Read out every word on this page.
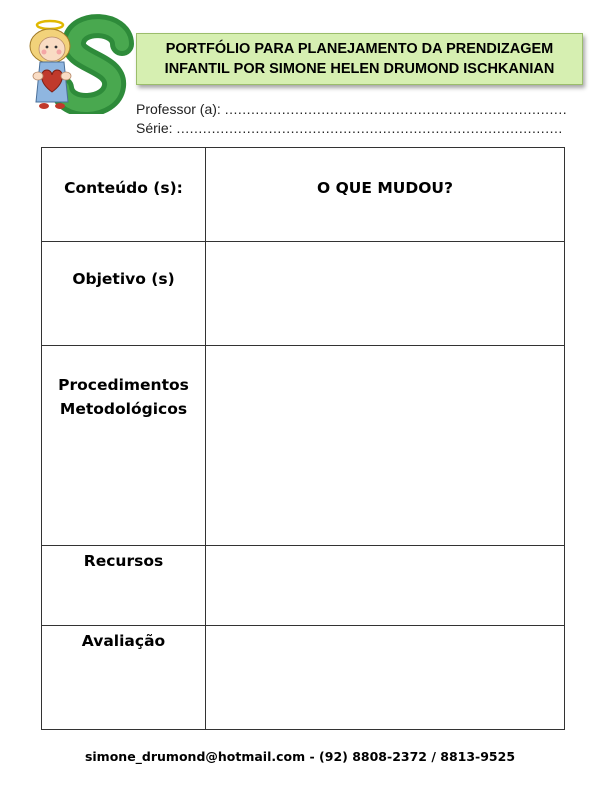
PORTFÓLIO PARA PLANEJAMENTO DA PRENDIZAGEM
INFANTIL POR SIMONE HELEN DRUMOND ISCHKANIAN
Professor (a): ..............................................................................
Série: ........................................................................................
Conteúdo (s):	O QUE MUDOU?

Objetivo (s)	

Procedimentos Metodológicos	

Recursos	

Avaliação	

simone_drumond@hotmail.com - (92) 8808-2372 / 8813-9525
